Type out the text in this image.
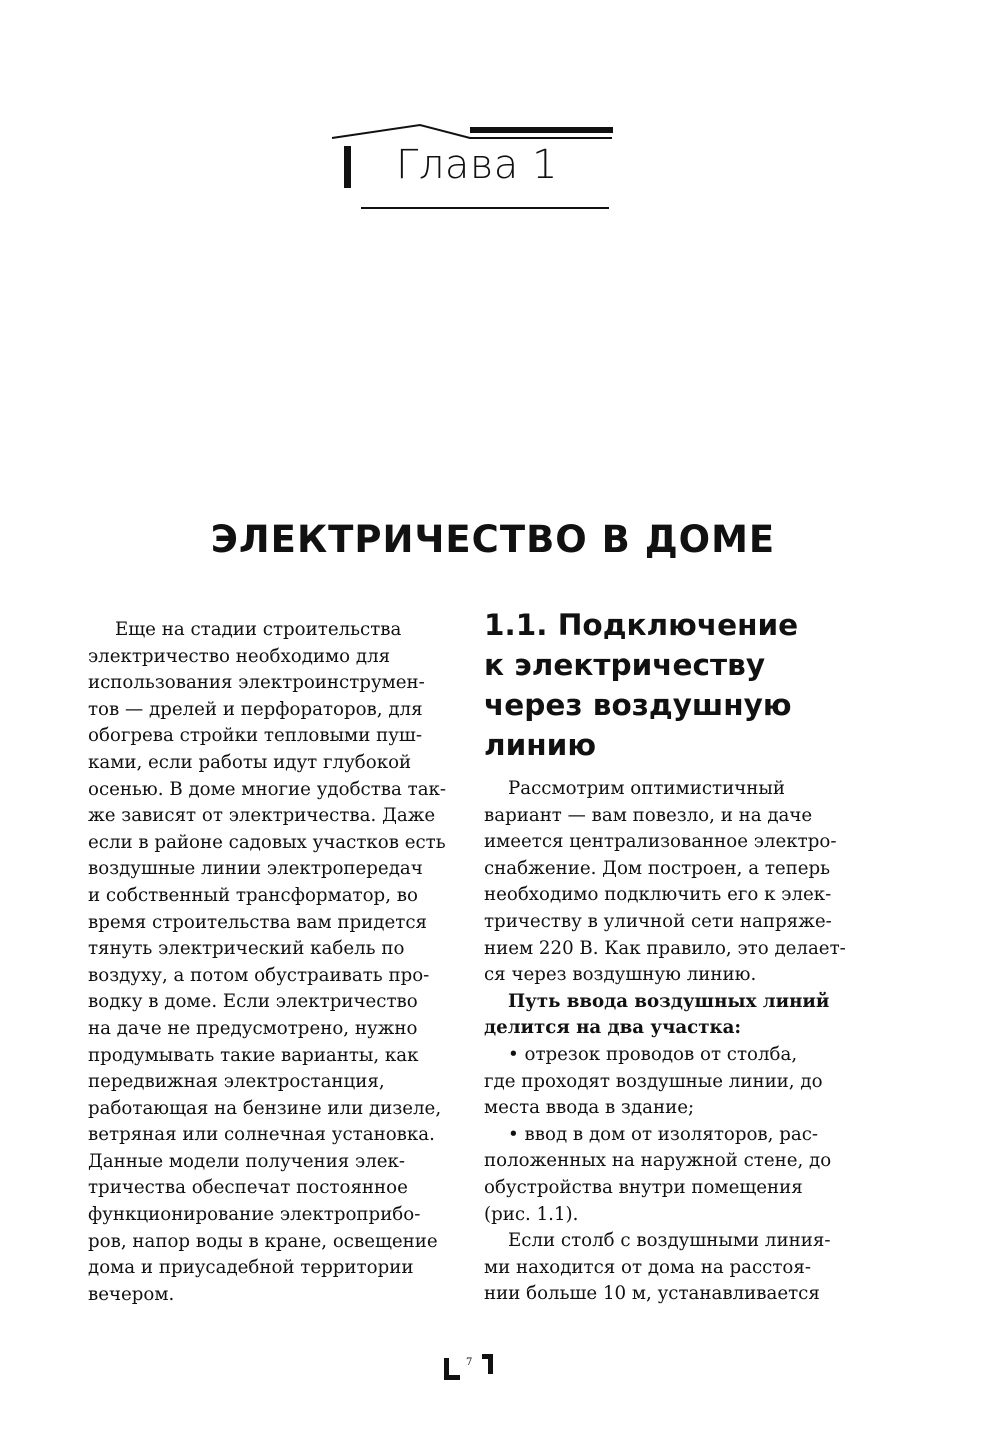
Глава 1
ЭЛЕКТРИЧЕСТВО В ДОМЕ
Еще на стадии строительства
электричество необходимо для
использования электроинструмен-
тов — дрелей и перфораторов, для
обогрева стройки тепловыми пуш-
ками, если работы идут глубокой
осенью. В доме многие удобства так-
же зависят от электричества. Даже
если в районе садовых участков есть
воздушные линии электропередач
и собственный трансформатор, во
время строительства вам придется
тянуть электрический кабель по
воздуху, а потом обустраивать про-
водку в доме. Если электричество
на даче не предусмотрено, нужно
продумывать такие варианты, как
передвижная электростанция,
работающая на бензине или дизеле,
ветряная или солнечная установка.
Данные модели получения элек-
тричества обеспечат постоянное
функционирование электроприбо-
ров, напор воды в кране, освещение
дома и приусадебной территории
вечером.
1.1. Подключение
к электричеству
через воздушную
линию
Рассмотрим оптимистичный
вариант — вам повезло, и на даче
имеется централизованное электро-
снабжение. Дом построен, а теперь
необходимо подключить его к элек-
тричеству в уличной сети напряже-
нием 220 В. Как правило, это делает-
ся через воздушную линию.
Путь ввода воздушных линий
делится на два участка:
• отрезок проводов от столба,
где проходят воздушные линии, до
места ввода в здание;
• ввод в дом от изоляторов, рас-
положенных на наружной стене, до
обустройства внутри помещения
(рис. 1.1).
Если столб с воздушными линия-
ми находится от дома на расстоя-
нии больше 10 м, устанавливается
7
